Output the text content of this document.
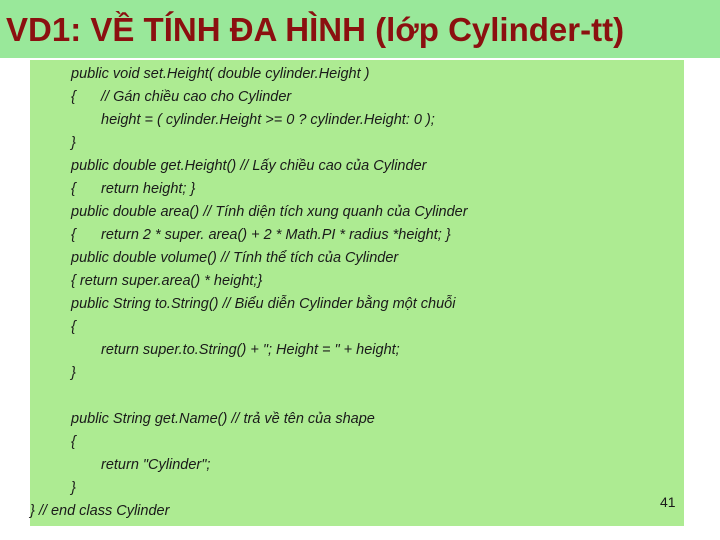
VD1: VỀ TÍNH ĐA HÌNH (lớp Cylinder-tt)
public void set.Height( double cylinder.Height )
{ // Gán chiều cao cho Cylinder
height = ( cylinder.Height >= 0 ? cylinder.Height: 0 );
}
public double get.Height() // Lấy chiều cao của Cylinder
{ return height; }
public double area() // Tính diện tích xung quanh của Cylinder
{ return 2 * super. area() + 2 * Math.PI * radius *height; }
public double volume() // Tính thể tích của Cylinder
{ return super.area() * height;}
public String to.String() // Biểu diễn Cylinder bằng một chuỗi
{
return super.to.String() + "; Height = " + height;
}
public String get.Name() // trả về tên của shape
{
return "Cylinder";
}
} // end class Cylinder
41
